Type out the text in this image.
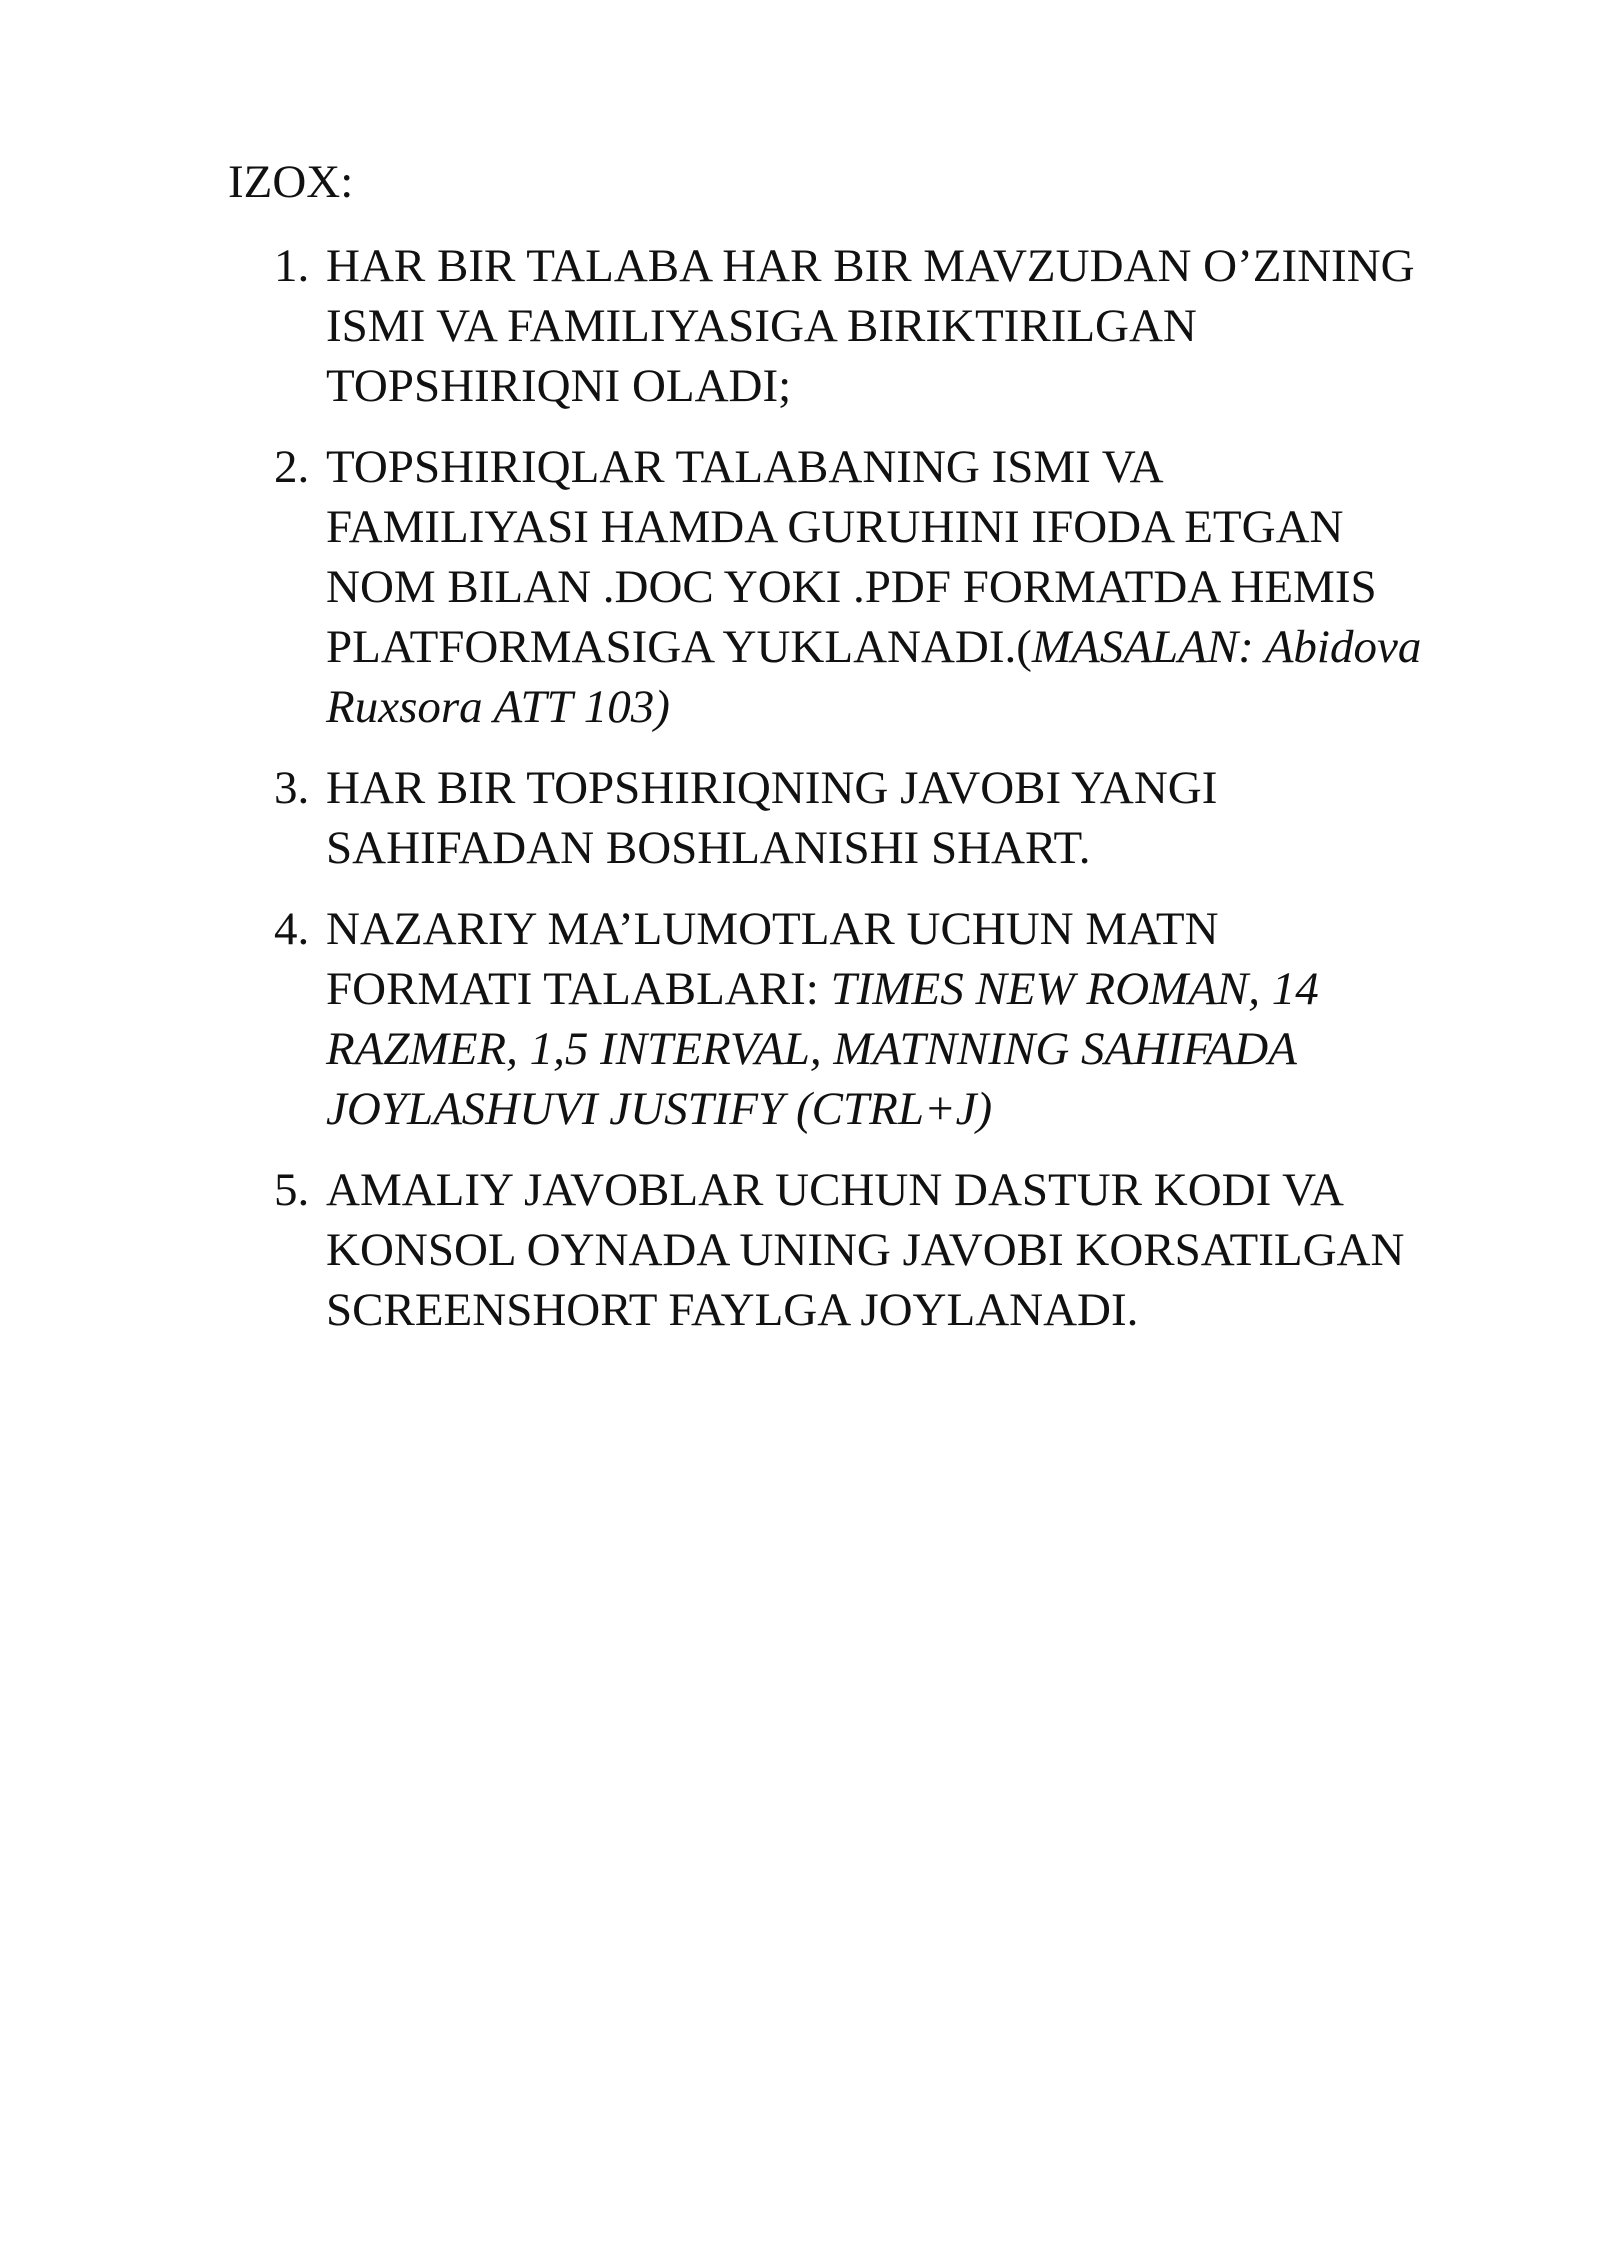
IZOX:

1. HAR BIR TALABA HAR BIR MAVZUDAN O’ZINING
ISMI VA FAMILIYASIGA BIRIKTIRILGAN
TOPSHIRIQNI OLADI;
2. TOPSHIRIQLAR TALABANING ISMI VA
FAMILIYASI HAMDA GURUHINI IFODA ETGAN
NOM BILAN .DOC YOKI .PDF FORMATDA HEMIS
PLATFORMASIGA YUKLANADI.(MASALAN: Abidova
Ruxsora ATT 103)
3. HAR BIR TOPSHIRIQNING JAVOBI YANGI
SAHIFADAN BOSHLANISHI SHART.
4. NAZARIY MA’LUMOTLAR UCHUN MATN
FORMATI TALABLARI: TIMES NEW ROMAN, 14
RAZMER, 1,5 INTERVAL, MATNNING SAHIFADA
JOYLASHUVI JUSTIFY (CTRL+J)
5. AMALIY JAVOBLAR UCHUN DASTUR KODI VA
KONSOL OYNADA UNING JAVOBI KORSATILGAN
SCREENSHORT FAYLGA JOYLANADI.
